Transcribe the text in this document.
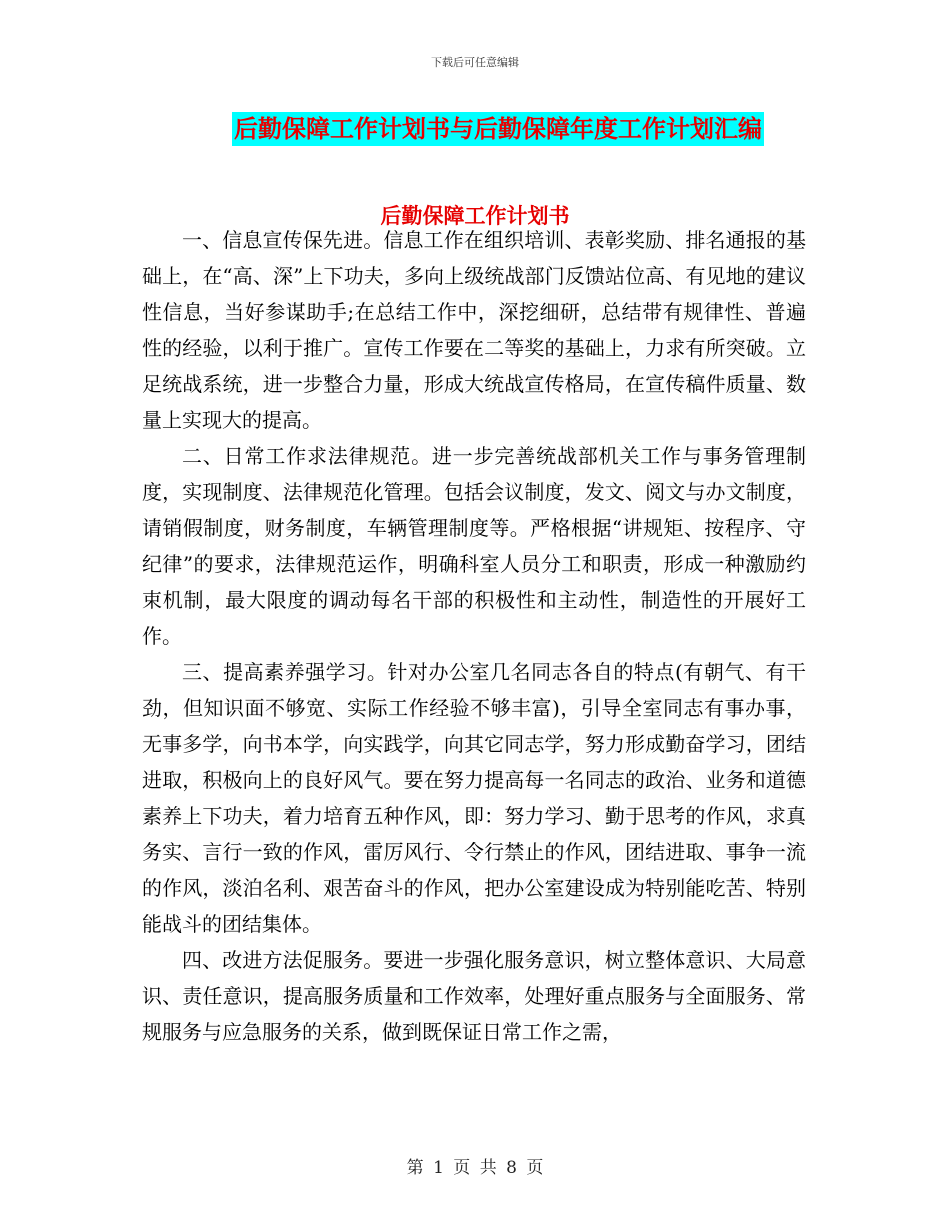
下载后可任意编辑
后勤保障工作计划书与后勤保障年度工作计划汇编
后勤保障工作计划书

一、信息宣传保先进。信息工作在组织培训、表彰奖励、排名通报的基础上，在“高、深”上下功夫，多向上级统战部门反馈站位高、有见地的建议性信息，当好参谋助手;在总结工作中，深挖细研，总结带有规律性、普遍性的经验，以利于推广。宣传工作要在二等奖的基础上，力求有所突破。立足统战系统，进一步整合力量，形成大统战宣传格局，在宣传稿件质量、数量上实现大的提高。

二、日常工作求法律规范。进一步完善统战部机关工作与事务管理制度，实现制度、法律规范化管理。包括会议制度，发文、阅文与办文制度，请销假制度，财务制度，车辆管理制度等。严格根据“讲规矩、按程序、守纪律”的要求，法律规范运作，明确科室人员分工和职责，形成一种激励约束机制，最大限度的调动每名干部的积极性和主动性，制造性的开展好工作。

三、提高素养强学习。针对办公室几名同志各自的特点(有朝气、有干劲，但知识面不够宽、实际工作经验不够丰富)，引导全室同志有事办事，无事多学，向书本学，向实践学，向其它同志学，努力形成勤奋学习，团结进取，积极向上的良好风气。要在努力提高每一名同志的政治、业务和道德素养上下功夫，着力培育五种作风，即：努力学习、勤于思考的作风，求真务实、言行一致的作风，雷厉风行、令行禁止的作风，团结进取、事争一流的作风，淡泊名利、艰苦奋斗的作风，把办公室建设成为特别能吃苦、特别能战斗的团结集体。

四、改进方法促服务。要进一步强化服务意识，树立整体意识、大局意识、责任意识，提高服务质量和工作效率，处理好重点服务与全面服务、常规服务与应急服务的关系，做到既保证日常工作之需，

第 1 页 共 8 页
